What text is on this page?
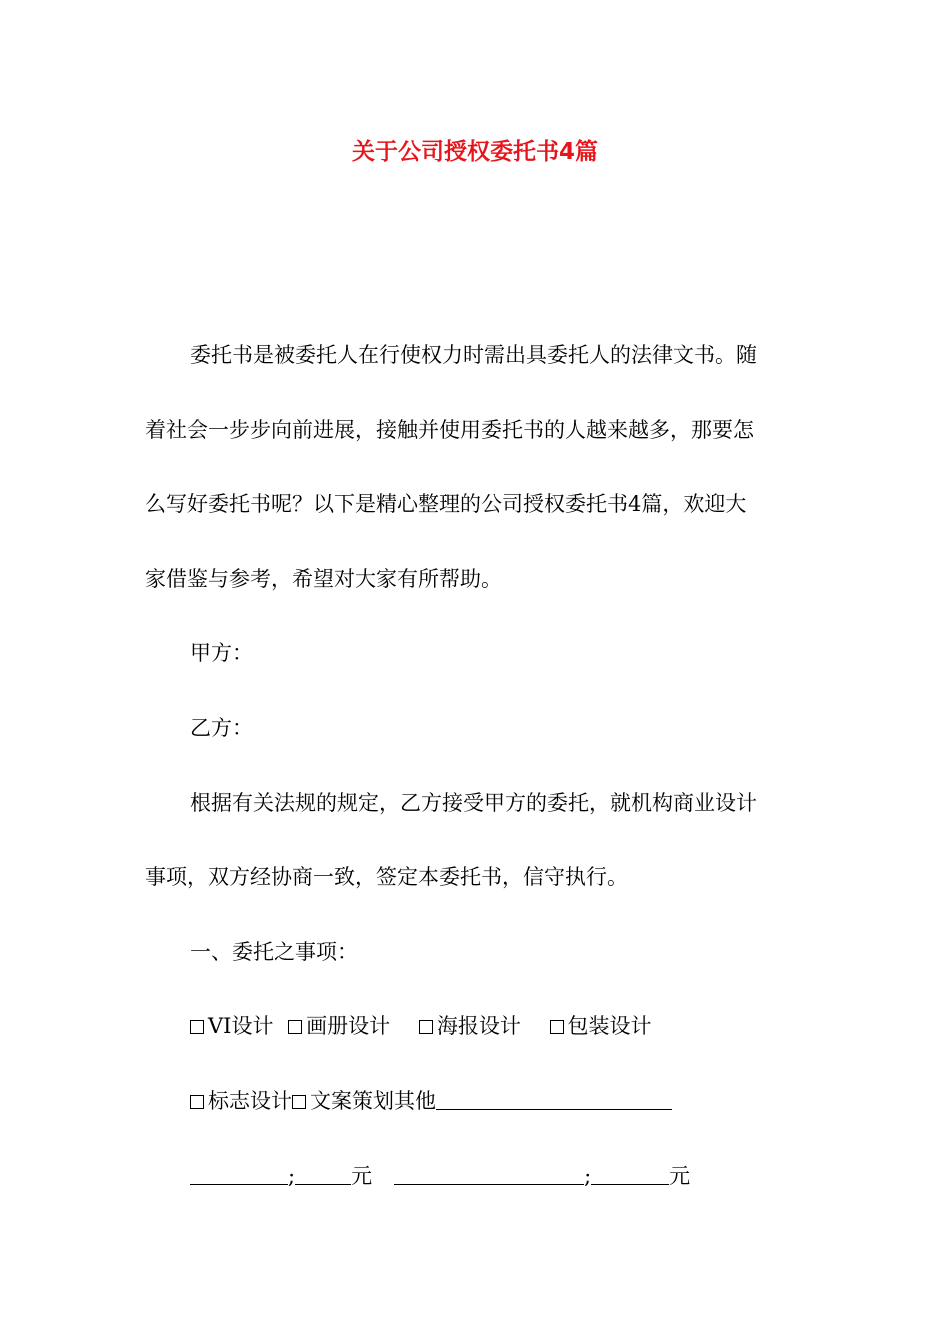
关于公司授权委托书4篇

委托书是被委托人在行使权力时需出具委托人的法律文书。随

着社会一步步向前进展，接触并使用委托书的人越来越多，那要怎

么写好委托书呢？以下是精心整理的公司授权委托书4篇，欢迎大

家借鉴与参考，希望对大家有所帮助。

甲方：

乙方：

根据有关法规的规定，乙方接受甲方的委托，就机构商业设计

事项，双方经协商一致，签定本委托书，信守执行。

一、委托之事项：

VI设计 画册设计 海报设计 包装设计

标志设计 文案策划其他

;	元	;	元
